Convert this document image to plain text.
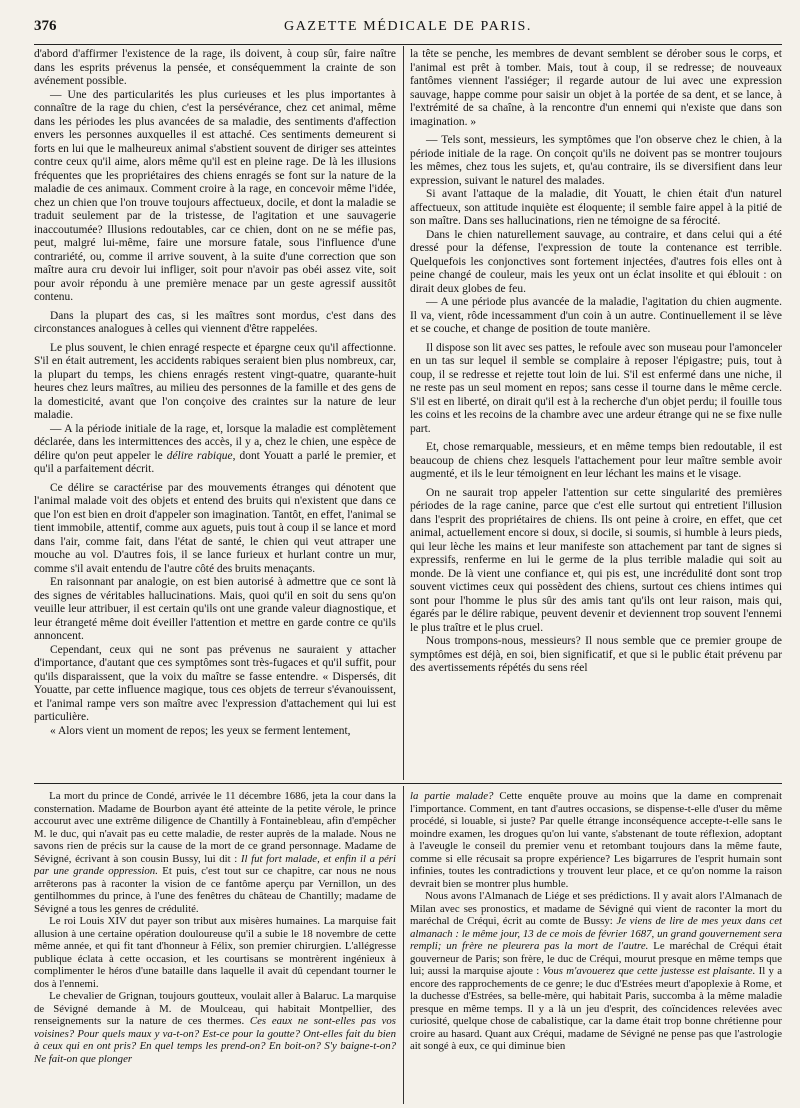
376	GAZETTE MÉDICALE DE PARIS.

d'abord d'affirmer l'existence de la rage, ils doivent, à coup sûr, faire naître dans les esprits prévenus la pensée, et conséquemment la crainte de son avénement possible.

— Une des particularités les plus curieuses et les plus importantes à connaître de la rage du chien, c'est la persévérance, chez cet animal, même dans les périodes les plus avancées de sa maladie, des sentiments d'affection envers les personnes auxquelles il est attaché. Ces sentiments demeurent si forts en lui que le malheureux animal s'abstient souvent de diriger ses atteintes contre ceux qu'il aime, alors même qu'il est en pleine rage. De là les illusions fréquentes que les propriétaires des chiens enragés se font sur la nature de la maladie de ces animaux. Comment croire à la rage, en concevoir même l'idée, chez un chien que l'on trouve toujours affectueux, docile, et dont la maladie se traduit seulement par de la tristesse, de l'agitation et une sauvagerie inaccoutumée? Illusions redoutables, car ce chien, dont on ne se méfie pas, peut, malgré lui-même, faire une morsure fatale, sous l'influence d'une contrariété, ou, comme il arrive souvent, à la suite d'une correction que son maître aura cru devoir lui infliger, soit pour n'avoir pas obéi assez vite, soit pour avoir répondu à une première menace par un geste agressif aussitôt contenu.

Dans la plupart des cas, si les maîtres sont mordus, c'est dans des circonstances analogues à celles qui viennent d'être rappelées.

Le plus souvent, le chien enragé respecte et épargne ceux qu'il affectionne. S'il en était autrement, les accidents rabiques seraient bien plus nombreux, car, la plupart du temps, les chiens enragés restent vingt-quatre, quarante-huit heures chez leurs maîtres, au milieu des personnes de la famille et des gens de la domesticité, avant que l'on conçoive des craintes sur la nature de leur maladie.

— A la période initiale de la rage, et, lorsque la maladie est complètement déclarée, dans les intermittences des accès, il y a, chez le chien, une espèce de délire qu'on peut appeler le délire rabique, dont Youatt a parlé le premier, et qu'il a parfaitement décrit.

Ce délire se caractérise par des mouvements étranges qui dénotent que l'animal malade voit des objets et entend des bruits qui n'existent que dans ce que l'on est bien en droit d'appeler son imagination. Tantôt, en effet, l'animal se tient immobile, attentif, comme aux aguets, puis tout à coup il se lance et mord dans l'air, comme fait, dans l'état de santé, le chien qui veut attraper une mouche au vol. D'autres fois, il se lance furieux et hurlant contre un mur, comme s'il avait entendu de l'autre côté des bruits menaçants.

En raisonnant par analogie, on est bien autorisé à admettre que ce sont là des signes de véritables hallucinations. Mais, quoi qu'il en soit du sens qu'on veuille leur attribuer, il est certain qu'ils ont une grande valeur diagnostique, et leur étrangeté même doit éveiller l'attention et mettre en garde contre ce qu'ils annoncent.

Cependant, ceux qui ne sont pas prévenus ne sauraient y attacher d'importance, d'autant que ces symptômes sont très-fugaces et qu'il suffit, pour qu'ils disparaissent, que la voix du maître se fasse entendre. « Dispersés, dit Youatte, par cette influence magique, tous ces objets de terreur s'évanouissent, et l'animal rampe vers son maître avec l'expression d'attachement qui lui est particulière.

« Alors vient un moment de repos; les yeux se ferment lentement,

la tête se penche, les membres de devant semblent se dérober sous le corps, et l'animal est prêt à tomber. Mais, tout à coup, il se redresse; de nouveaux fantômes viennent l'assiéger; il regarde autour de lui avec une expression sauvage, happe comme pour saisir un objet à la portée de sa dent, et se lance, à l'extrémité de sa chaîne, à la rencontre d'un ennemi qui n'existe que dans son imagination. »

— Tels sont, messieurs, les symptômes que l'on observe chez le chien, à la période initiale de la rage. On conçoit qu'ils ne doivent pas se montrer toujours les mêmes, chez tous les sujets, et, qu'au contraire, ils se diversifient dans leur expression, suivant le naturel des malades.

Si avant l'attaque de la maladie, dit Youatt, le chien était d'un naturel affectueux, son attitude inquiète est éloquente; il semble faire appel à la pitié de son maître. Dans ses hallucinations, rien ne témoigne de sa férocité.

Dans le chien naturellement sauvage, au contraire, et dans celui qui a été dressé pour la défense, l'expression de toute la contenance est terrible. Quelquefois les conjonctives sont fortement injectées, d'autres fois elles ont à peine changé de couleur, mais les yeux ont un éclat insolite et qui éblouit : on dirait deux globes de feu.

— A une période plus avancée de la maladie, l'agitation du chien augmente. Il va, vient, rôde incessamment d'un coin à un autre. Continuellement il se lève et se couche, et change de position de toute manière.

Il dispose son lit avec ses pattes, le refoule avec son museau pour l'amonceler en un tas sur lequel il semble se complaire à reposer l'épigastre; puis, tout à coup, il se redresse et rejette tout loin de lui. S'il est enfermé dans une niche, il ne reste pas un seul moment en repos; sans cesse il tourne dans le même cercle. S'il est en liberté, on dirait qu'il est à la recherche d'un objet perdu; il fouille tous les coins et les recoins de la chambre avec une ardeur étrange qui ne se fixe nulle part.

Et, chose remarquable, messieurs, et en même temps bien redoutable, il est beaucoup de chiens chez lesquels l'attachement pour leur maître semble avoir augmenté, et ils le leur témoignent en leur léchant les mains et le visage.

On ne saurait trop appeler l'attention sur cette singularité des premières périodes de la rage canine, parce que c'est elle surtout qui entretient l'illusion dans l'esprit des propriétaires de chiens. Ils ont peine à croire, en effet, que cet animal, actuellement encore si doux, si docile, si soumis, si humble à leurs pieds, qui leur lèche les mains et leur manifeste son attachement par tant de signes si expressifs, renferme en lui le germe de la plus terrible maladie qui soit au monde. De là vient une confiance et, qui pis est, une incrédulité dont sont trop souvent victimes ceux qui possèdent des chiens, surtout ces chiens intimes qui sont pour l'homme le plus sûr des amis tant qu'ils ont leur raison, mais qui, égarés par le délire rabique, peuvent devenir et deviennent trop souvent l'ennemi le plus traître et le plus cruel.

Nous trompons-nous, messieurs? Il nous semble que ce premier groupe de symptômes est déjà, en soi, bien significatif, et que si le public était prévenu par des avertissements répétés du sens réel

La mort du prince de Condé, arrivée le 11 décembre 1686, jeta la cour dans la consternation. Madame de Bourbon ayant été atteinte de la petite vérole, le prince accourut avec une extrême diligence de Chantilly à Fontainebleau, afin d'empêcher M. le duc, qui n'avait pas eu cette maladie, de rester auprès de la malade. Nous ne savons rien de précis sur la cause de la mort de ce grand personnage. Madame de Sévigné, écrivant à son cousin Bussy, lui dit : Il fut fort malade, et enfin il a péri par une grande oppression. Et puis, c'est tout sur ce chapitre, car nous ne nous arrêterons pas à raconter la vision de ce fantôme aperçu par Vernillon, un des gentilhommes du prince, à l'une des fenêtres du château de Chantilly; madame de Sévigné a tous les genres de crédulité.

Le roi Louis XIV dut payer son tribut aux misères humaines. La marquise fait allusion à une certaine opération douloureuse qu'il a subie le 18 novembre de cette même année, et qui fit tant d'honneur à Félix, son premier chirurgien. L'allégresse publique éclata à cette occasion, et les courtisans se montrèrent ingénieux à complimenter le héros d'une bataille dans laquelle il avait dû cependant tourner le dos à l'ennemi.

Le chevalier de Grignan, toujours goutteux, voulait aller à Balaruc. La marquise de Sévigné demande à M. de Moulceau, qui habitait Montpellier, des renseignements sur la nature de ces thermes. Ces eaux ne sont-elles pas vos voisines? Pour quels maux y va-t-on? Est-ce pour la goutte? Ont-elles fait du bien à ceux qui en ont pris? En quel temps les prend-on? En boit-on? S'y baigne-t-on? Ne fait-on que plonger

la partie malade? Cette enquête prouve au moins que la dame en comprenait l'importance. Comment, en tant d'autres occasions, se dispense-t-elle d'user du même procédé, si louable, si juste? Par quelle étrange inconséquence accepte-t-elle sans le moindre examen, les drogues qu'on lui vante, s'abstenant de toute réflexion, adoptant à l'aveugle le conseil du premier venu et retombant toujours dans la même faute, comme si elle récusait sa propre expérience? Les bigarrures de l'esprit humain sont infinies, toutes les contradictions y trouvent leur place, et ce qu'on nomme la raison devrait bien se montrer plus humble.

Nous avons l'Almanach de Liége et ses prédictions. Il y avait alors l'Almanach de Milan avec ses pronostics, et madame de Sévigné qui vient de raconter la mort du maréchal de Créqui, écrit au comte de Bussy: Je viens de lire de mes yeux dans cet almanach : le même jour, 13 de ce mois de février 1687, un grand gouvernement sera rempli; un frère ne pleurera pas la mort de l'autre. Le maréchal de Créqui était gouverneur de Paris; son frère, le duc de Créqui, mourut presque en même temps que lui; aussi la marquise ajoute : Vous m'avouerez que cette justesse est plaisante. Il y a encore des rapprochements de ce genre; le duc d'Estrées meurt d'apoplexie à Rome, et la duchesse d'Estrées, sa belle-mère, qui habitait Paris, succomba à la même maladie presque en même temps. Il y a là un jeu d'esprit, des coïncidences relevées avec curiosité, quelque chose de cabalistique, car la dame était trop bonne chrétienne pour croire au hasard. Quant aux Créqui, madame de Sévigné ne pense pas que l'astrologie ait songé à eux, ce qui diminue bien
